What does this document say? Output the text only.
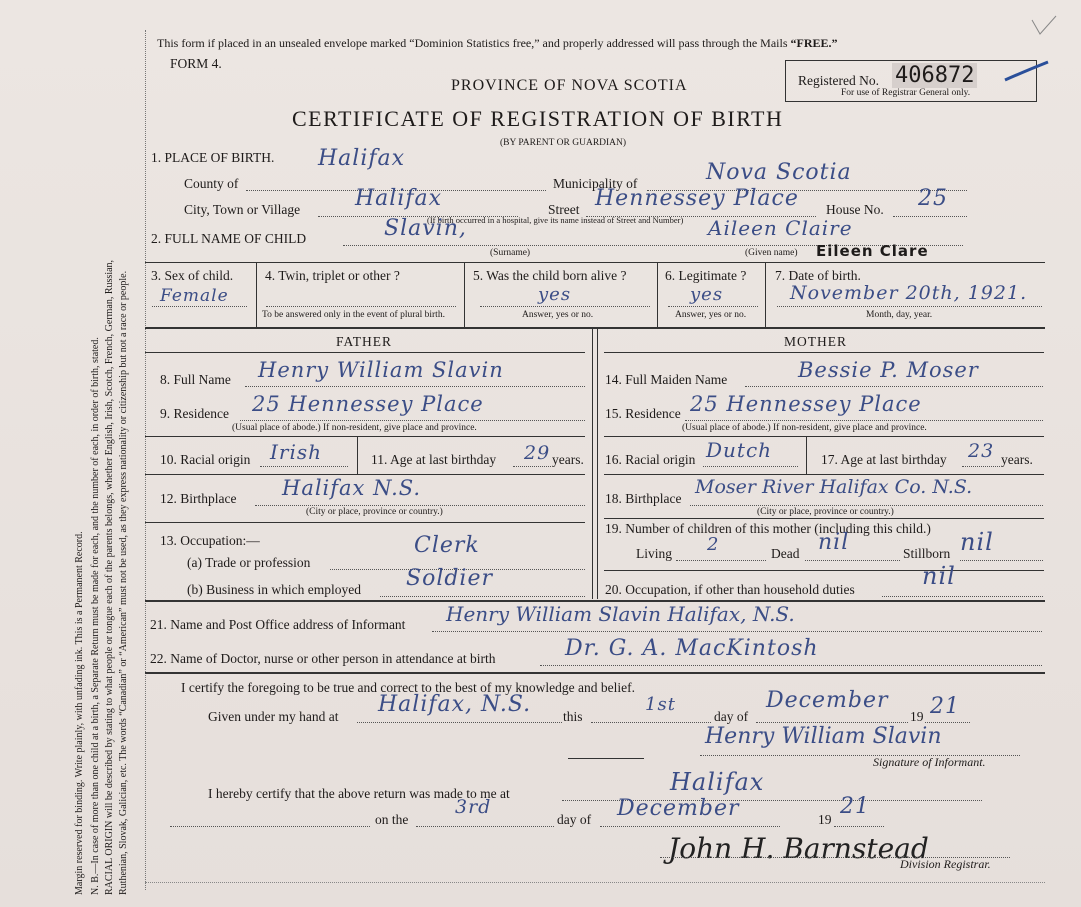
Margin reserved for binding. Write plainly, with unfading ink. This is a Permanent Record. N. B.—In case of more than one child at a birth, a Separate Return must be made for each, and the number of each, in order of birth, stated. RACIAL ORIGIN will be described by stating to what people or tongue each of the parents belongs, whether English, Irish, Scotch, French, German, Russian, Ruthenian, Slovak, Galician, etc. The words “Canadian” or “American” must not be used, as they express nationality or citizenship but not a race or people.
This form if placed in an unsealed envelope marked “Dominion Statistics free,” and properly addressed will pass through the Mails “FREE.”
FORM 4.
PROVINCE OF NOVA SCOTIA
CERTIFICATE OF REGISTRATION OF BIRTH
(BY PARENT OR GUARDIAN)
Registered No. 406872
For use of Registrar General only.
1. PLACE OF BIRTH. Halifax
County of	Municipality of	Nova Scotia
City, Town or Village Halifax	Street Hennessey Place House No. 25
(If birth occurred in a hospital, give its name instead of Street and Number)
2. FULL NAME OF CHILD	Slavin,	Aileen Claire
(Surname)	(Given name) Eileen Clare
3. Sex of child.
Female
4. Twin, triplet or other ?
To be answered only in the event of plural birth.
5. Was the child born alive ?
yes
Answer, yes or no.
6. Legitimate ?
yes
Answer, yes or no.
7. Date of birth.
November 20th, 1921.
Month, day, year.
FATHER	MOTHER
8. Full Name Henry William Slavin
9. Residence 25 Hennessey Place
(Usual place of abode.) If non-resident, give place and province.
10. Racial origin Irish	11. Age at last birthday 29 years.
12. Birthplace Halifax N.S.
(City or place, province or country.)
13. Occupation:—
(a) Trade or profession
Clerk
(b) Business in which employed Soldier
14. Full Maiden Name	Bessie P. Moser
15. Residence 25 Hennessey Place
(Usual place of abode.) If non-resident, give place and province.
16. Racial origin Dutch	17. Age at last birthday 23 years.
18. Birthplace
Moser River Halifax Co. N.S.
(City or place, province or country.)
19. Number of children of this mother (including this child.)
Living 2	Dead nil	Stillborn nil
20. Occupation, if other than household duties	nil
21. Name and Post Office address of Informant Henry William Slavin Halifax, N.S.
22. Name of Doctor, nurse or other person in attendance at birth	Dr. G. A. MacKintosh
I certify the foregoing to be true and correct to the best of my knowledge and belief.
Given under my hand at Halifax, N.S. this
1st
day of
December
19 21
Henry William Slavin
Signature of Informant.
I hereby certify that the above return was made to me at	Halifax
on the
3rd
day of December	19
21
John H. Barnstead
Division Registrar.
